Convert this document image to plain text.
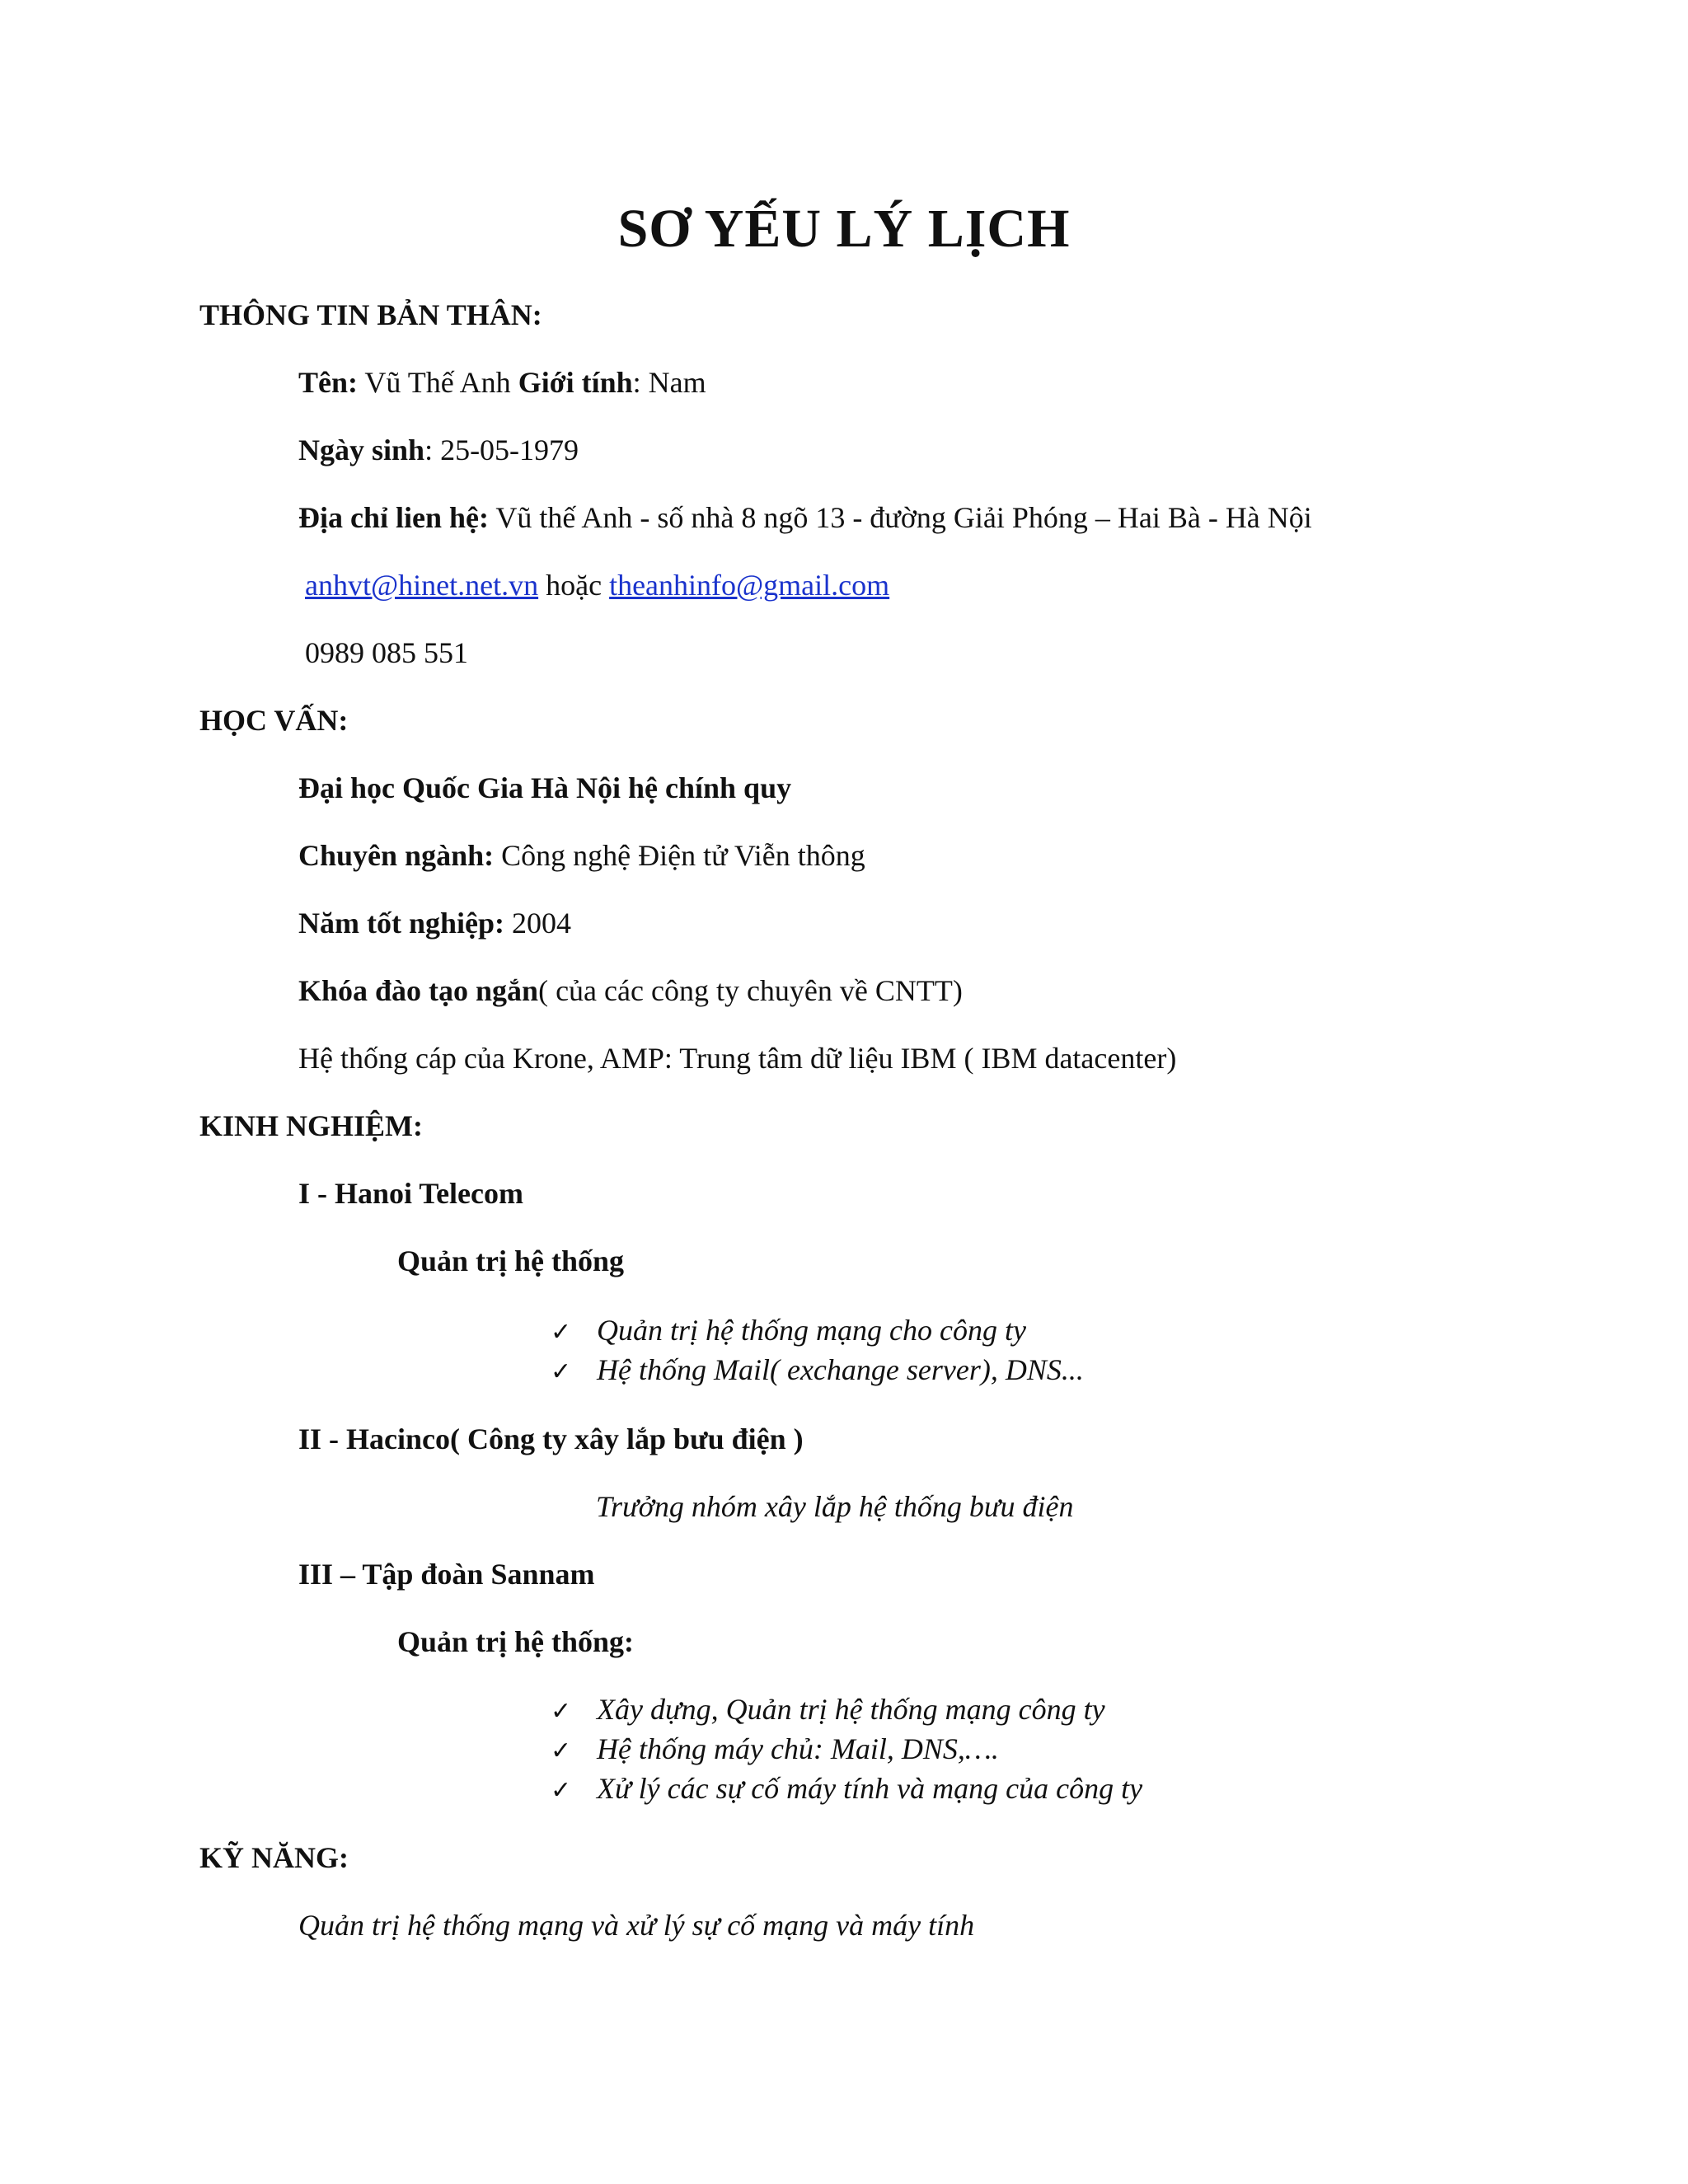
SƠ YẾU LÝ LỊCH
THÔNG TIN BẢN THÂN:
Tên: Vũ Thế Anh Giới tính: Nam
Ngày sinh: 25-05-1979
Địa chỉ lien hệ: Vũ thế Anh - số nhà 8 ngõ 13 - đường Giải Phóng – Hai Bà - Hà Nội
anhvt@hinet.net.vn hoặc theanhinfo@gmail.com
0989 085 551
HỌC VẤN:
Đại học Quốc Gia Hà Nội hệ chính quy
Chuyên ngành: Công nghệ Điện tử Viễn thông
Năm tốt nghiệp: 2004
Khóa đào tạo ngắn( của các công ty chuyên về CNTT)
Hệ thống cáp của Krone, AMP: Trung tâm dữ liệu IBM ( IBM datacenter)
KINH NGHIỆM:
I - Hanoi Telecom
Quản trị hệ thống
✓ Quản trị hệ thống mạng cho công ty
✓ Hệ thống Mail( exchange server), DNS...
II - Hacinco( Công ty xây lắp bưu điện )
Trưởng nhóm xây lắp hệ thống bưu điện
III – Tập đoàn Sannam
Quản trị hệ thống:
✓ Xây dựng, Quản trị hệ thống mạng công ty
✓ Hệ thống máy chủ: Mail, DNS,….
✓ Xử lý các sự cố máy tính và mạng của công ty
KỸ NĂNG:
Quản trị hệ thống mạng và xử lý sự cố mạng và máy tính
